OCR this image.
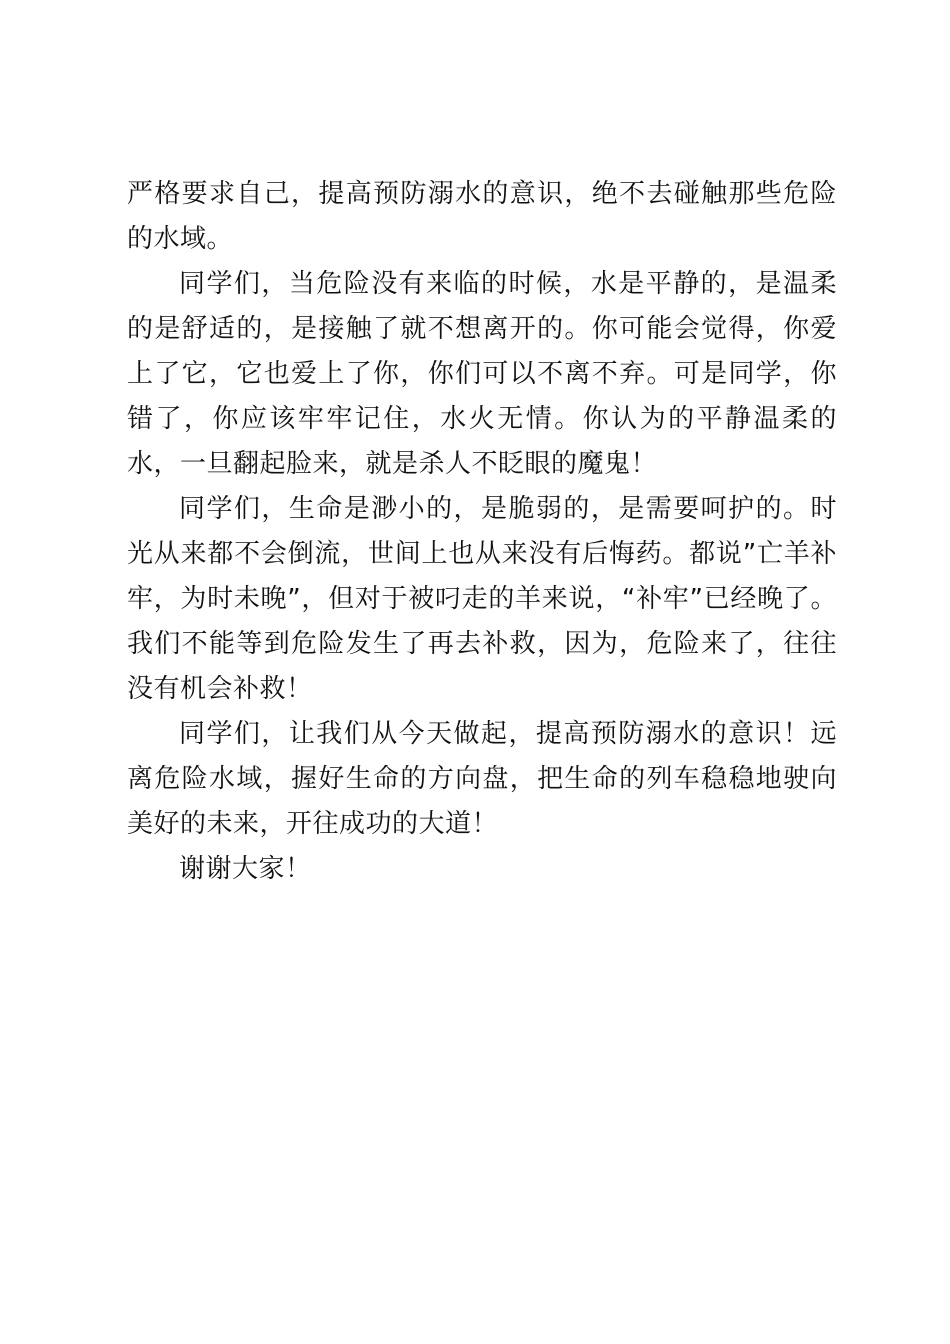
严格要求自己，提高预防溺水的意识，绝不去碰触那些危险的水域。

同学们，当危险没有来临的时候，水是平静的，是温柔的是舒适的，是接触了就不想离开的。你可能会觉得，你爱上了它，它也爱上了你，你们可以不离不弃。可是同学，你错了，你应该牢牢记住，水火无情。你认为的平静温柔的水，一旦翻起脸来，就是杀人不眨眼的魔鬼！

同学们，生命是渺小的，是脆弱的，是需要呵护的。时光从来都不会倒流，世间上也从来没有后悔药。都说”亡羊补牢，为时未晚”，但对于被叼走的羊来说，“补牢”已经晚了。我们不能等到危险发生了再去补救，因为，危险来了，往往没有机会补救！

同学们，让我们从今天做起，提高预防溺水的意识！远离危险水域，握好生命的方向盘，把生命的列车稳稳地驶向美好的未来，开往成功的大道！

谢谢大家！
